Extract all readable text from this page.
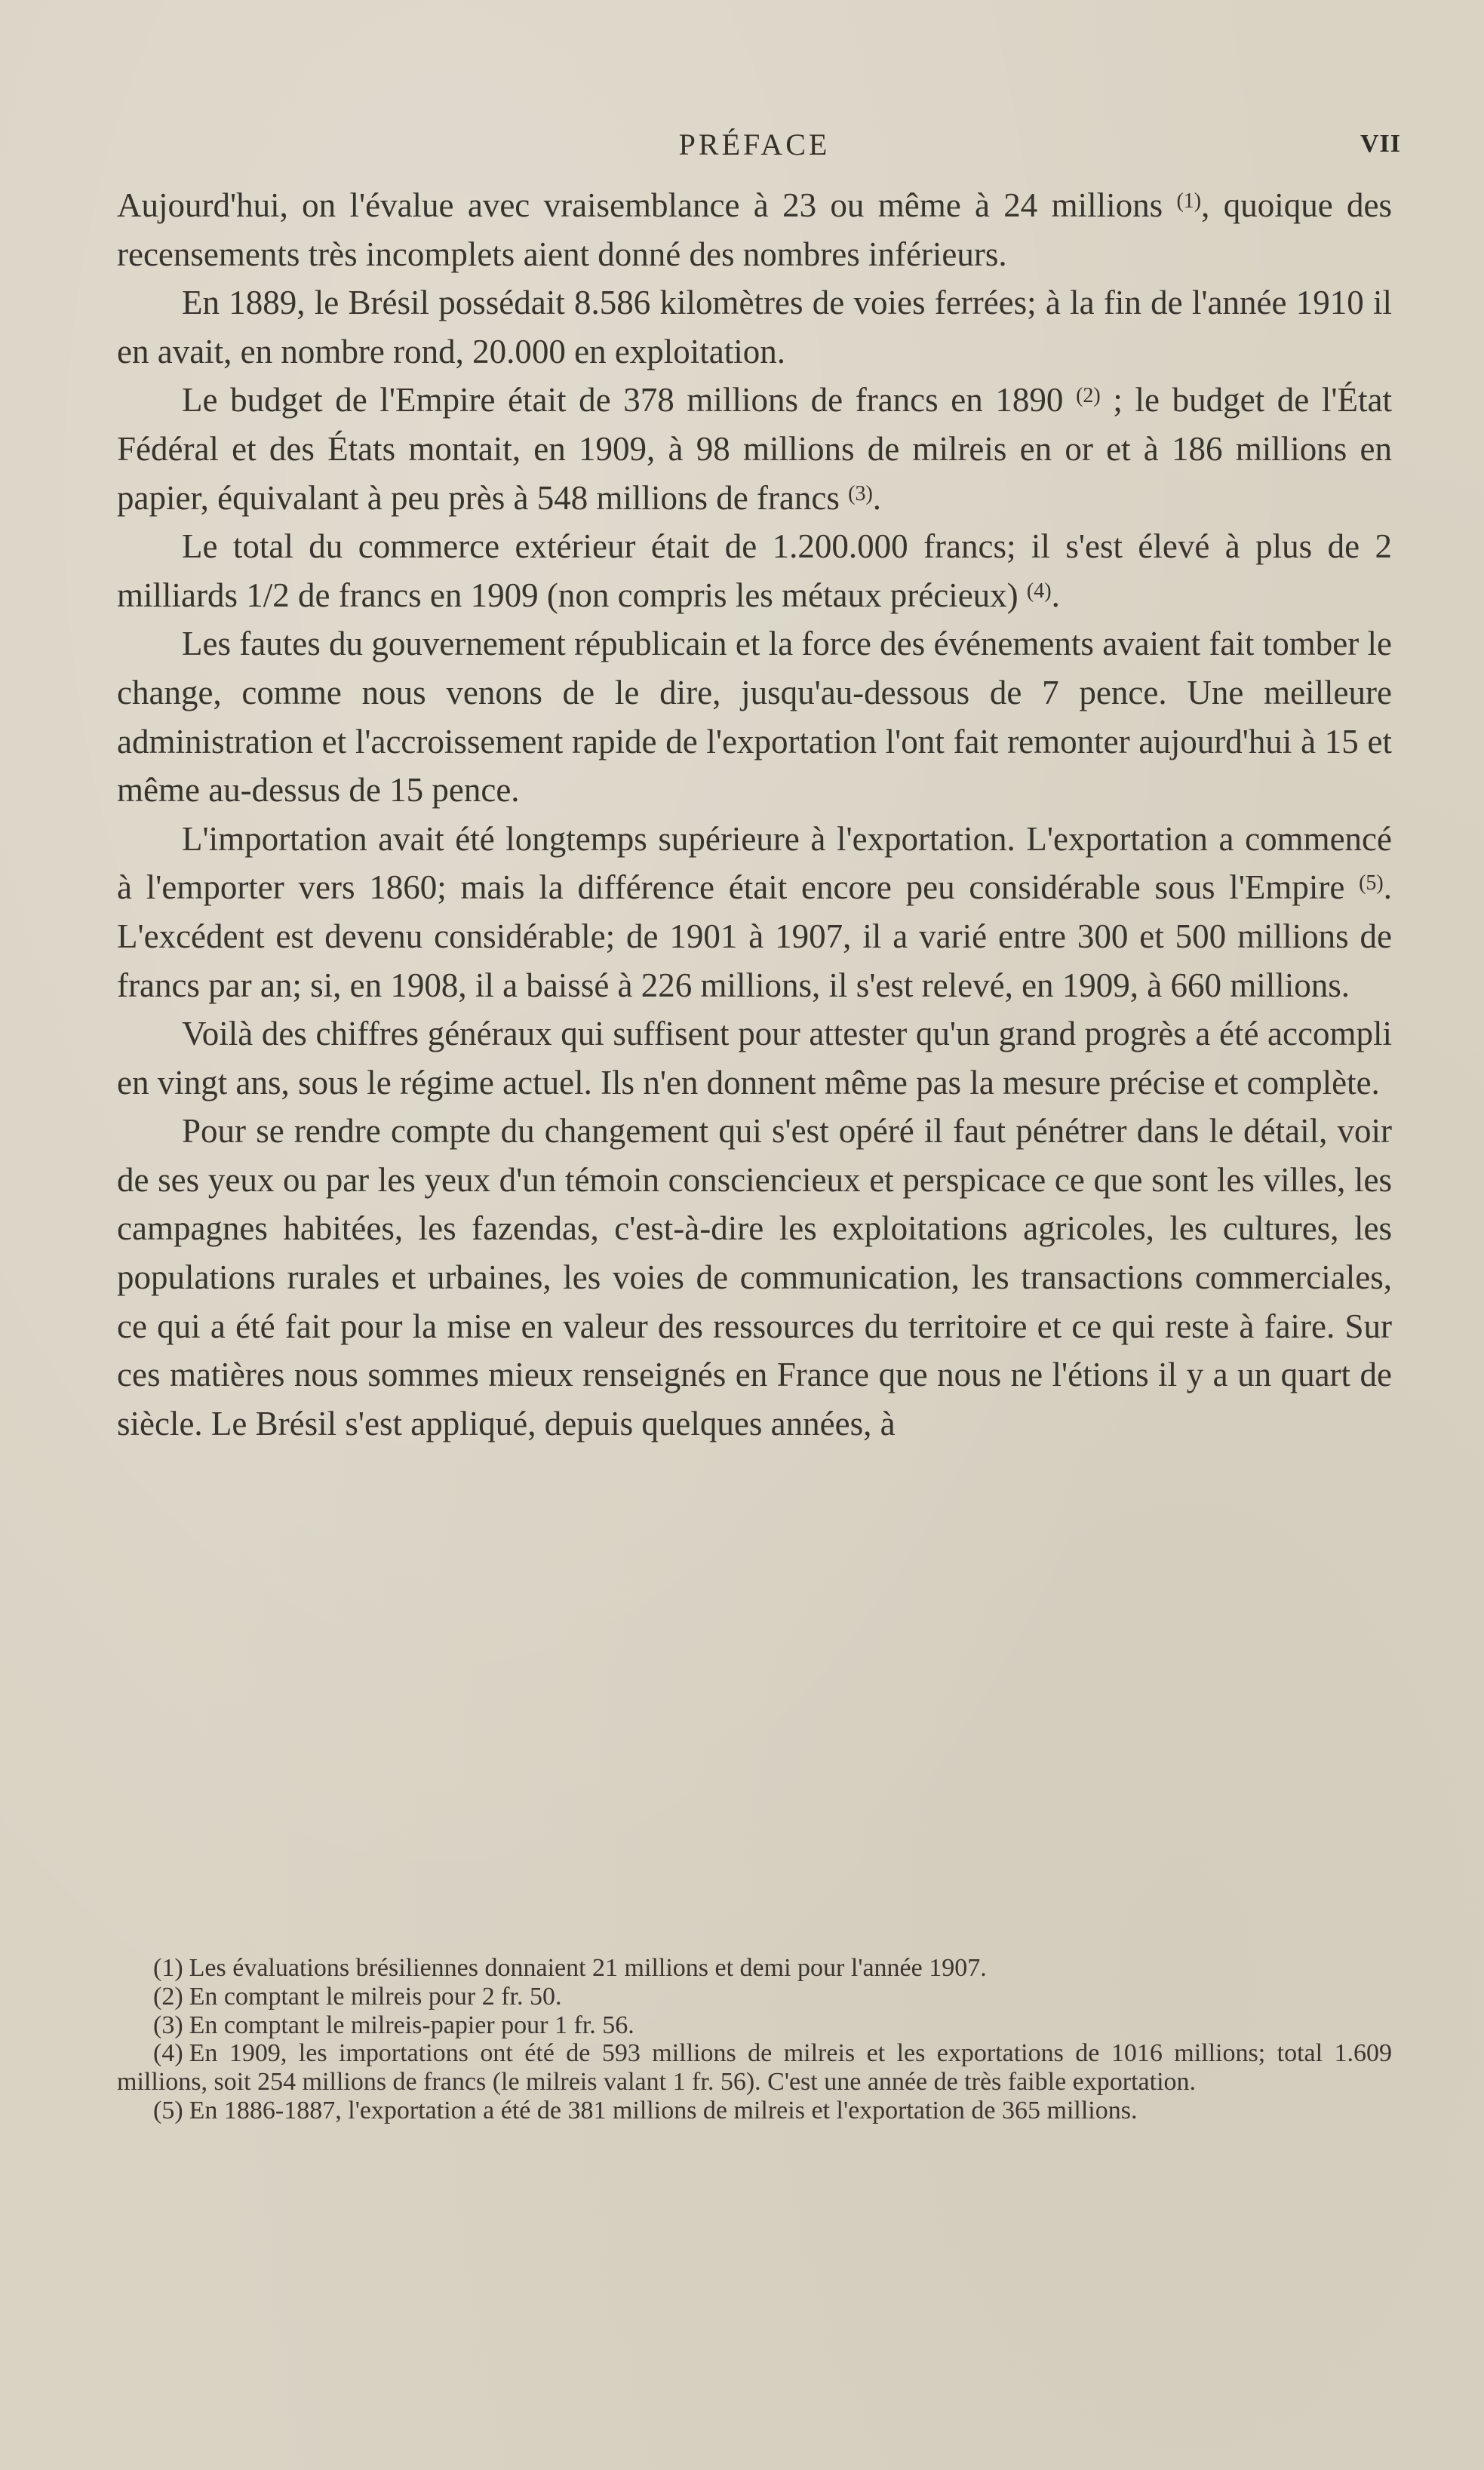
PRÉFACE	VII

Aujourd'hui, on l'évalue avec vraisemblance à 23 ou même à 24 millions $^{(1)}$, quoique des recensements très incomplets aient donné des nombres inférieurs.

En 1889, le Brésil possédait 8.586 kilomètres de voies ferrées; à la fin de l'année 1910 il en avait, en nombre rond, 20.000 en exploitation.

Le budget de l'Empire était de 378 millions de francs en 1890 $^{(2)}$ ; le budget de l'État Fédéral et des États montait, en 1909, à 98 millions de milreis en or et à 186 millions en papier, équivalant à peu près à 548 millions de francs $^{(3)}$.

Le total du commerce extérieur était de 1.200.000 francs; il s'est élevé à plus de 2 milliards 1/2 de francs en 1909 (non compris les métaux précieux) $^{(4)}$.

Les fautes du gouvernement républicain et la force des événements avaient fait tomber le change, comme nous venons de le dire, jusqu'au-dessous de 7 pence. Une meilleure administration et l'accroissement rapide de l'exportation l'ont fait remonter aujourd'hui à 15 et même au-dessus de 15 pence.

L'importation avait été longtemps supérieure à l'exportation. L'exportation a commencé à l'emporter vers 1860; mais la différence était encore peu considérable sous l'Empire $^{(5)}$. L'excédent est devenu considérable; de 1901 à 1907, il a varié entre 300 et 500 millions de francs par an; si, en 1908, il a baissé à 226 millions, il s'est relevé, en 1909, à 660 millions.

Voilà des chiffres généraux qui suffisent pour attester qu'un grand progrès a été accompli en vingt ans, sous le régime actuel. Ils n'en donnent même pas la mesure précise et complète.

Pour se rendre compte du changement qui s'est opéré il faut pénétrer dans le détail, voir de ses yeux ou par les yeux d'un témoin consciencieux et perspicace ce que sont les villes, les campagnes habitées, les fazendas, c'est-à-dire les exploitations agricoles, les cultures, les populations rurales et urbaines, les voies de communication, les transactions commerciales, ce qui a été fait pour la mise en valeur des ressources du territoire et ce qui reste à faire. Sur ces matières nous sommes mieux renseignés en France que nous ne l'étions il y a un quart de siècle. Le Brésil s'est appliqué, depuis quelques années, à

(1) Les évaluations brésiliennes donnaient 21 millions et demi pour l'année 1907.

(2) En comptant le milreis pour 2 fr. 50.

(3) En comptant le milreis-papier pour 1 fr. 56.

(4) En 1909, les importations ont été de 593 millions de milreis et les exportations de 1016 millions; total 1.609 millions, soit 254 millions de francs (le milreis valant 1 fr. 56). C'est une année de très faible exportation.

(5) En 1886-1887, l'exportation a été de 381 millions de milreis et l'exportation de 365 millions.
